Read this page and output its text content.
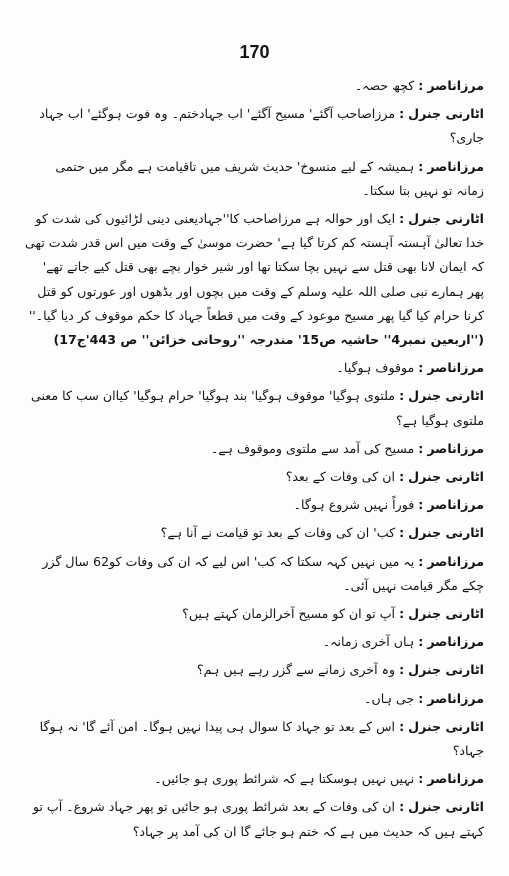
170

مرزاناصر : کچھ حصہ۔

اٹارنی جنرل : مرزاصاحب آگئے' مسیح آگئے' اب جہادختم۔ وہ فوت ہوگئے' اب جہاد جاری؟

مرزاناصر : ہمیشہ کے لیے منسوخ' حدیث شریف میں تاقیامت ہے مگر میں حتمی زمانہ تو نہیں بتا سکتا۔

اٹارنی جنرل : ایک اور حوالہ ہے مرزاصاحب کا''جہادیعنی دینی لڑائیوں کی شدت کو خدا تعالیٰ آہستہ آہستہ کم کرتا گیا ہے' حضرت موسیٰ کے وقت میں اس قدر شدت تھی کہ ایمان لانا بھی قتل سے نہیں بچا سکتا تھا اور شیر خوار بچے بھی قتل کیے جاتے تھے' پھر ہمارے نبی صلی اللہ علیہ وسلم کے وقت میں بچوں اور بڈھوں اور عورتوں کو قتل کرنا حرام کیا گیا پھر مسیح موعود کے وقت میں قطعاً جہاد کا حکم موقوف کر دیا گیا۔'' (''اربعین نمبر4'' حاشیہ ص15' مندرجہ ''روحانی خزائن'' ص 443'ج17)

مرزاناصر : موقوف ہوگیا۔

اٹارنی جنرل : ملتوی ہوگیا' موقوف ہوگیا' بند ہوگیا' حرام ہوگیا' کیاان سب کا معنی ملتوی ہوگیا ہے؟

مرزاناصر : مسیح کی آمد سے ملتوی وموقوف ہے۔

اٹارنی جنرل : ان کی وفات کے بعد؟

مرزاناصر : فوراً نہیں شروع ہوگا۔

اٹارنی جنرل : کب' ان کی وفات کے بعد تو قیامت نے آنا ہے؟

مرزاناصر : یہ میں نہیں کہہ سکتا کہ کب' اس لیے کہ ان کی وفات کو62 سال گزر چکے مگر قیامت نہیں آئی۔

اٹارنی جنرل : آپ تو ان کو مسیح آخرالزمان کہتے ہیں؟

مرزاناصر : ہاں آخری زمانہ۔

اٹارنی جنرل : وہ آخری زمانے سے گزر رہے ہیں ہم؟

مرزاناصر : جی ہاں۔

اٹارنی جنرل : اس کے بعد تو جہاد کا سوال ہی پیدا نہیں ہوگا۔ امن آئے گا' نہ ہوگا جہاد؟

مرزاناصر : نہیں نہیں ہوسکتا ہے کہ شرائط پوری ہو جائیں۔

اٹارنی جنرل : ان کی وفات کے بعد شرائط پوری ہو جائیں تو پھر جہاد شروع۔ آپ تو کہتے ہیں کہ حدیث میں ہے کہ ختم ہو جائے گا ان کی آمد پر جہاد؟
